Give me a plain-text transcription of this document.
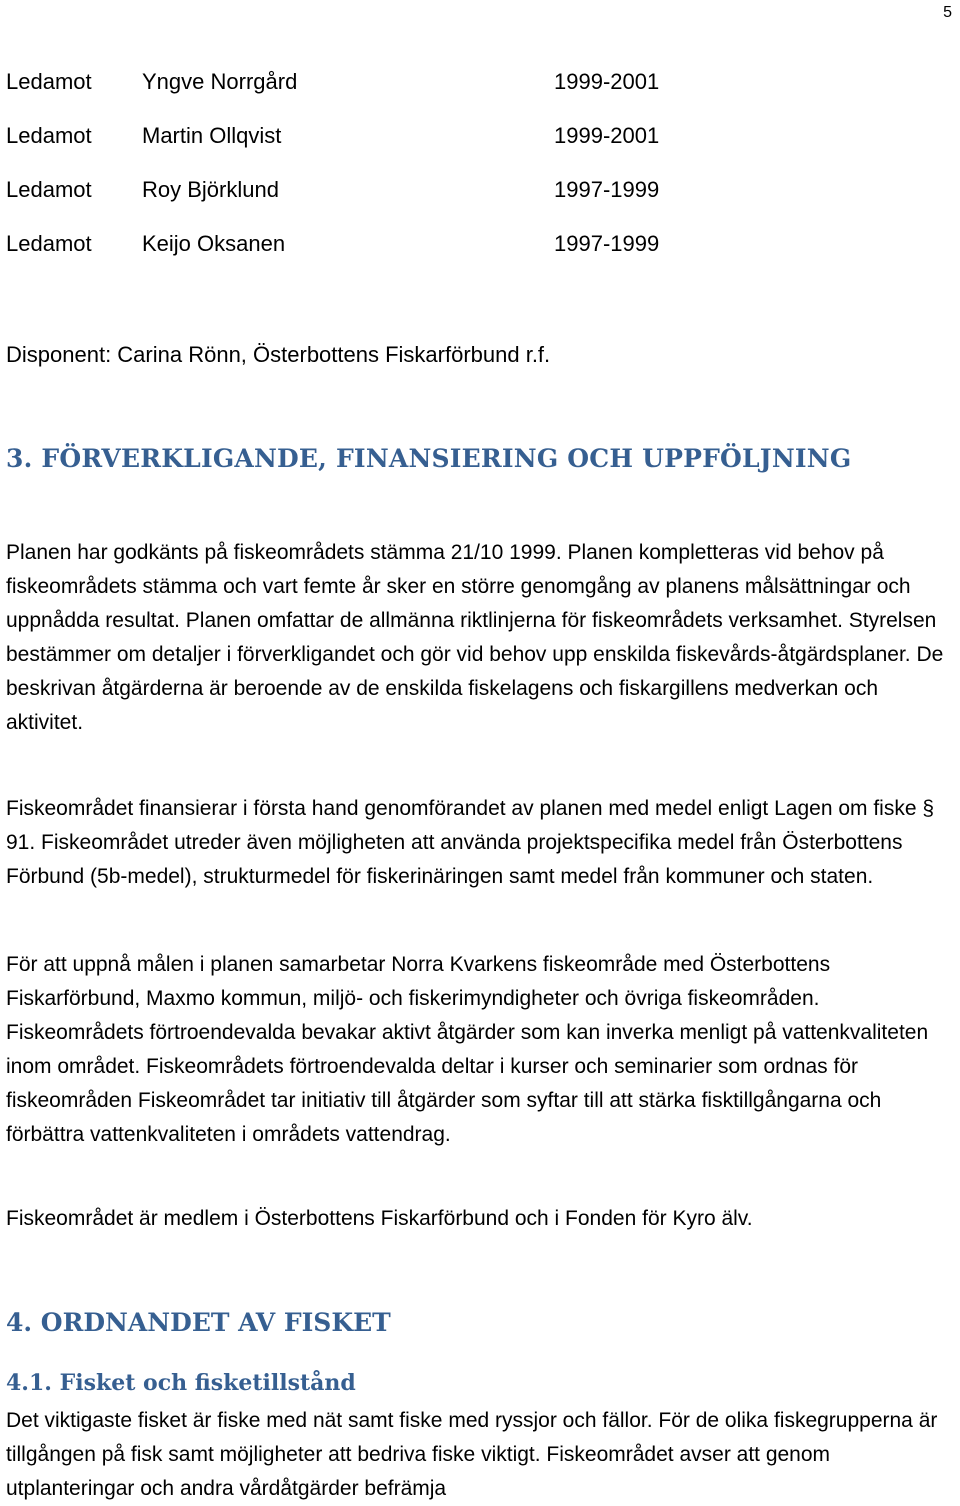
5
Ledamot Yngve Norrgård	1999-2001
Ledamot Martin Ollqvist	1999-2001
Ledamot Roy Björklund	1997-1999
Ledamot Keijo Oksanen	1997-1999
Disponent: Carina Rönn, Österbottens Fiskarförbund r.f.
3. FÖRVERKLIGANDE, FINANSIERING OCH UPPFÖLJNING

Planen har godkänts på fiskeområdets stämma 21/10 1999. Planen kompletteras vid behov på fiskeområdets stämma och vart femte år sker en större genomgång av planens målsättningar och uppnådda resultat. Planen omfattar de allmänna riktlinjerna för fiskeområdets verksamhet. Styrelsen bestämmer om detaljer i förverkligandet och gör vid behov upp enskilda fiskevårds-åtgärdsplaner. De beskrivan åtgärderna är beroende av de enskilda fiskelagens och fiskargillens medverkan och aktivitet.

Fiskeområdet finansierar i första hand genomförandet av planen med medel enligt Lagen om fiske § 91. Fiskeområdet utreder även möjligheten att använda projektspecifika medel från Österbottens Förbund (5b-medel), strukturmedel för fiskerinäringen samt medel från kommuner och staten.

För att uppnå målen i planen samarbetar Norra Kvarkens fiskeområde med Österbottens Fiskarförbund, Maxmo kommun, miljö- och fiskerimyndigheter och övriga fiskeområden. Fiskeområdets förtroendevalda bevakar aktivt åtgärder som kan inverka menligt på vattenkvaliteten inom området. Fiskeområdets förtroendevalda deltar i kurser och seminarier som ordnas för fiskeområden Fiskeområdet tar initiativ till åtgärder som syftar till att stärka fisktillgångarna och förbättra vattenkvaliteten i områdets vattendrag.

Fiskeområdet är medlem i Österbottens Fiskarförbund och i Fonden för Kyro älv.

4. ORDNANDET AV FISKET
4.1. Fisket och fisketillstånd

Det viktigaste fisket är fiske med nät samt fiske med ryssjor och fällor. För de olika fiskegrupperna är tillgången på fisk samt möjligheter att bedriva fiske viktigt. Fiskeområdet avser att genom utplanteringar och andra vårdåtgärder befrämja
